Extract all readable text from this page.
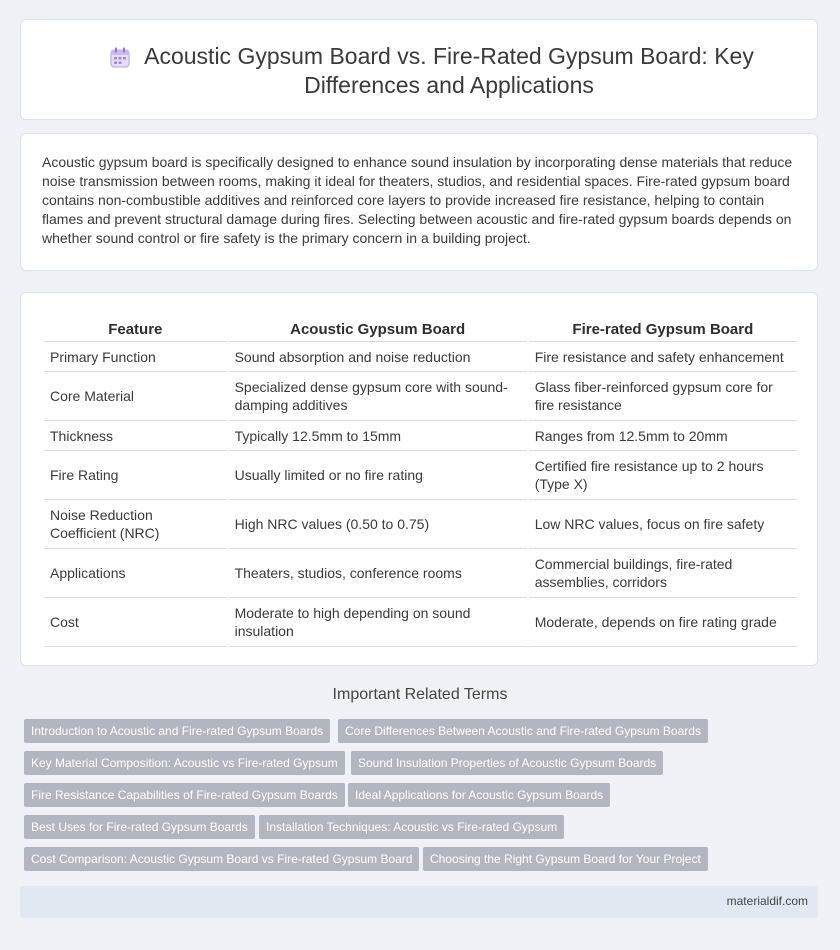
Acoustic Gypsum Board vs. Fire-Rated Gypsum Board: Key Differences and Applications

Acoustic gypsum board is specifically designed to enhance sound insulation by incorporating dense materials that reduce noise transmission between rooms, making it ideal for theaters, studios, and residential spaces. Fire-rated gypsum board contains non-combustible additives and reinforced core layers to provide increased fire resistance, helping to contain flames and prevent structural damage during fires. Selecting between acoustic and fire-rated gypsum boards depends on whether sound control or fire safety is the primary concern in a building project.

Feature	Acoustic Gypsum Board	Fire-rated Gypsum Board
Primary Function	Sound absorption and noise reduction	Fire resistance and safety enhancement
Core Material	Specialized dense gypsum core with sound-damping additives	Glass fiber-reinforced gypsum core for fire resistance
Thickness	Typically 12.5mm to 15mm	Ranges from 12.5mm to 20mm
Fire Rating	Usually limited or no fire rating	Certified fire resistance up to 2 hours (Type X)
Noise Reduction Coefficient (NRC)	High NRC values (0.50 to 0.75)	Low NRC values, focus on fire safety
Applications	Theaters, studios, conference rooms	Commercial buildings, fire-rated assemblies, corridors
Cost	Moderate to high depending on sound insulation	Moderate, depends on fire rating grade
Important Related Terms
Introduction to Acoustic and Fire-rated Gypsum Boards	Core Differences Between Acoustic and Fire-rated Gypsum Boards
Key Material Composition: Acoustic vs Fire-rated Gypsum	Sound Insulation Properties of Acoustic Gypsum Boards
Fire Resistance Capabilities of Fire-rated Gypsum Boards	Ideal Applications for Acoustic Gypsum Boards
Best Uses for Fire-rated Gypsum Boards	Installation Techniques: Acoustic vs Fire-rated Gypsum
Cost Comparison: Acoustic Gypsum Board vs Fire-rated Gypsum Board	Choosing the Right Gypsum Board for Your Project
materialdif.com
